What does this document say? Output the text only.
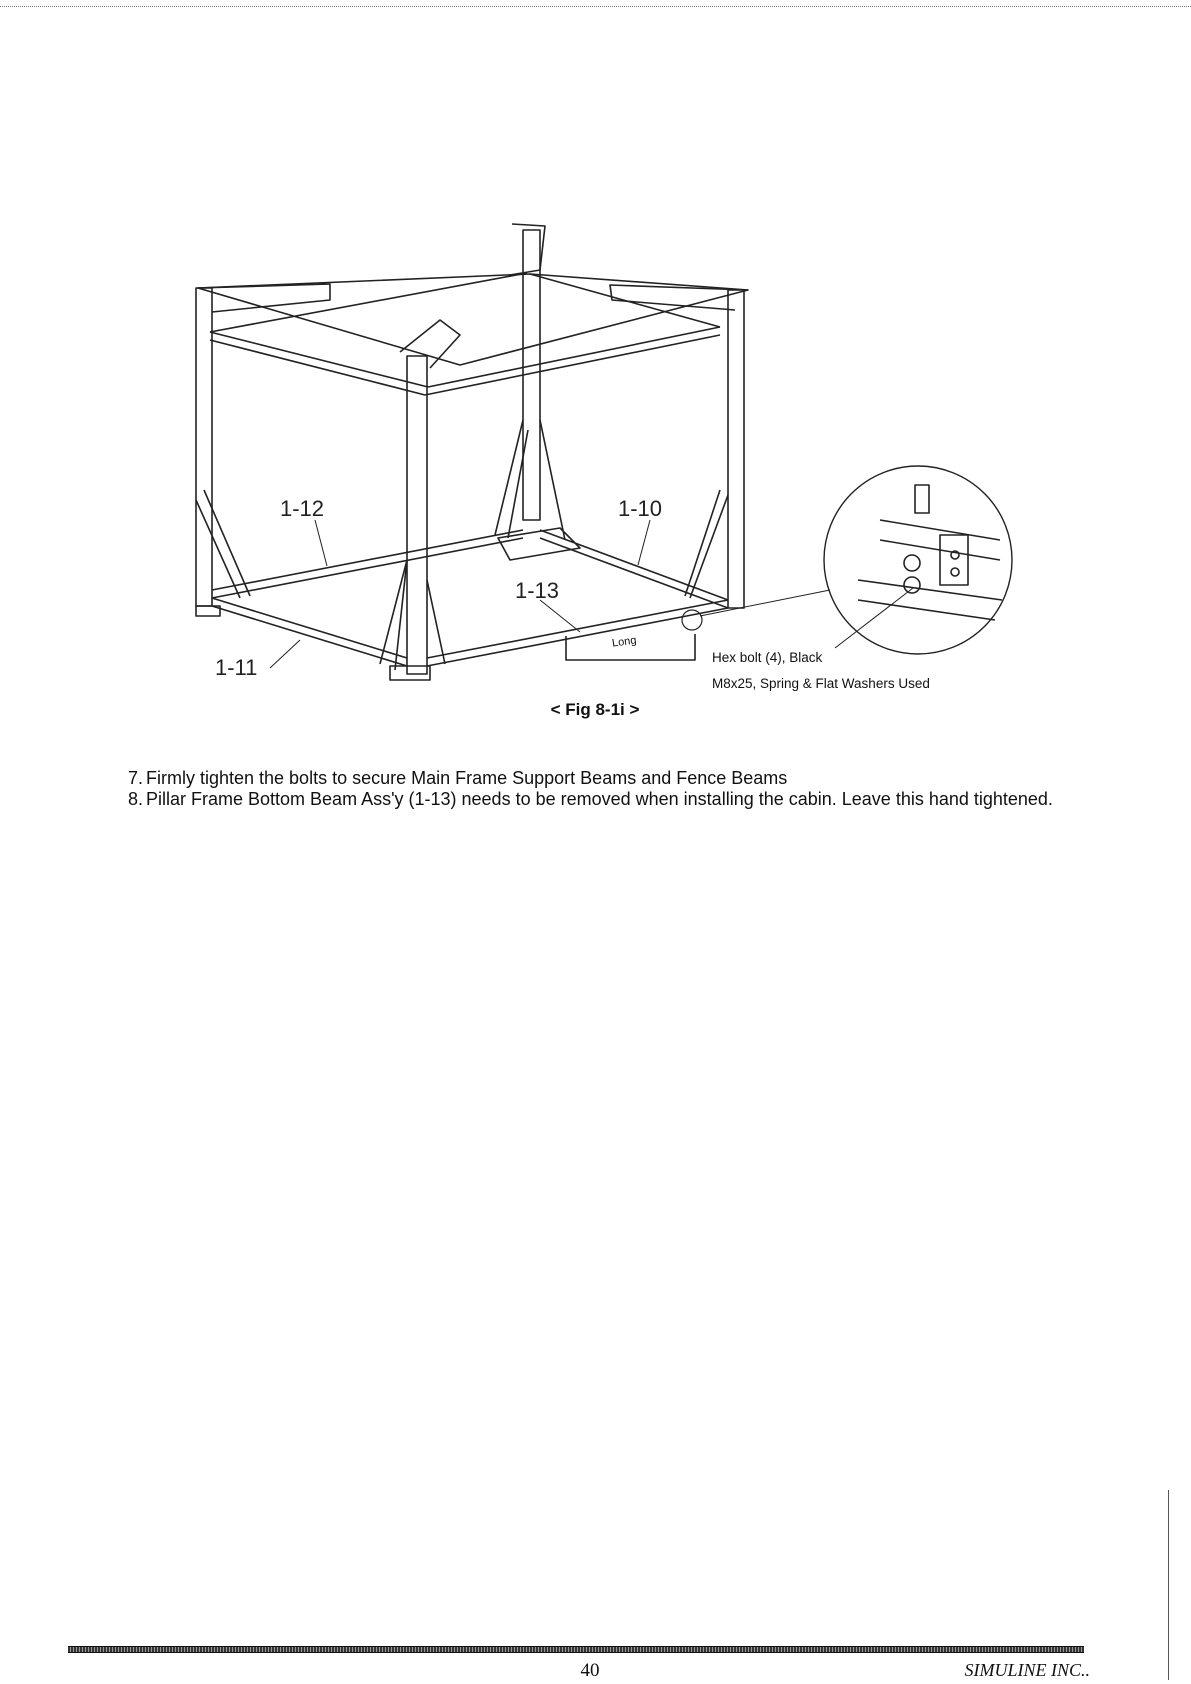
1-12	1-10
1-13
1-11
Long
Hex bolt (4), Black
M8x25, Spring & Flat Washers Used
< Fig 8-1i >
7. Firmly tighten the bolts to secure Main Frame Support Beams and Fence Beams
8. Pillar Frame Bottom Beam Ass'y (1-13) needs to be removed when installing the cabin. Leave this hand tightened.
40	SIMULINE INC..
